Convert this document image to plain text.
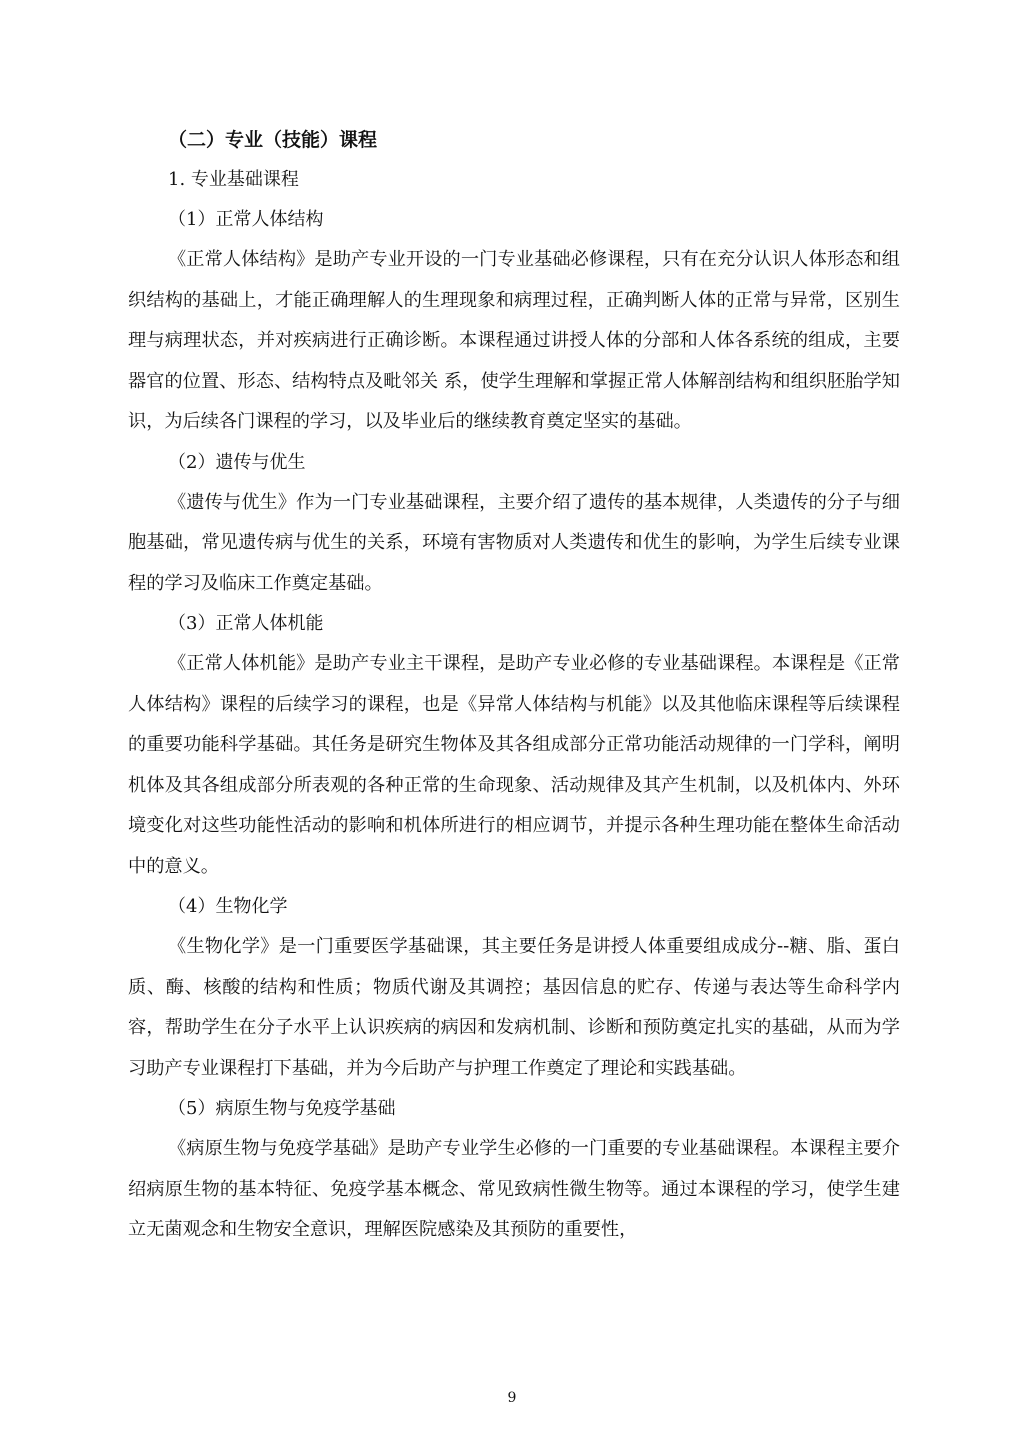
（二）专业（技能）课程

1. 专业基础课程

（1）正常人体结构

《正常人体结构》是助产专业开设的一门专业基础必修课程，只有在充分认识人体形态和组织结构的基础上，才能正确理解人的生理现象和病理过程，正确判断人体的正常与异常，区别生理与病理状态，并对疾病进行正确诊断。本课程通过讲授人体的分部和人体各系统的组成，主要器官的位置、形态、结构特点及毗邻关 系，使学生理解和掌握正常人体解剖结构和组织胚胎学知识，为后续各门课程的学习，以及毕业后的继续教育奠定坚实的基础。

（2）遗传与优生

《遗传与优生》作为一门专业基础课程，主要介绍了遗传的基本规律，人类遗传的分子与细胞基础，常见遗传病与优生的关系，环境有害物质对人类遗传和优生的影响，为学生后续专业课程的学习及临床工作奠定基础。

（3）正常人体机能

《正常人体机能》是助产专业主干课程，是助产专业必修的专业基础课程。本课程是《正常人体结构》课程的后续学习的课程，也是《异常人体结构与机能》以及其他临床课程等后续课程的重要功能科学基础。其任务是研究生物体及其各组成部分正常功能活动规律的一门学科，阐明机体及其各组成部分所表观的各种正常的生命现象、活动规律及其产生机制，以及机体内、外环境变化对这些功能性活动的影响和机体所进行的相应调节，并提示各种生理功能在整体生命活动中的意义。

（4）生物化学

《生物化学》是一门重要医学基础课，其主要任务是讲授人体重要组成成分--糖、脂、蛋白质、酶、核酸的结构和性质；物质代谢及其调控；基因信息的贮存、传递与表达等生命科学内容，帮助学生在分子水平上认识疾病的病因和发病机制、诊断和预防奠定扎实的基础，从而为学习助产专业课程打下基础，并为今后助产与护理工作奠定了理论和实践基础。

（5）病原生物与免疫学基础

《病原生物与免疫学基础》是助产专业学生必修的一门重要的专业基础课程。本课程主要介绍病原生物的基本特征、免疫学基本概念、常见致病性微生物等。通过本课程的学习，使学生建立无菌观念和生物安全意识，理解医院感染及其预防的重要性，

9
